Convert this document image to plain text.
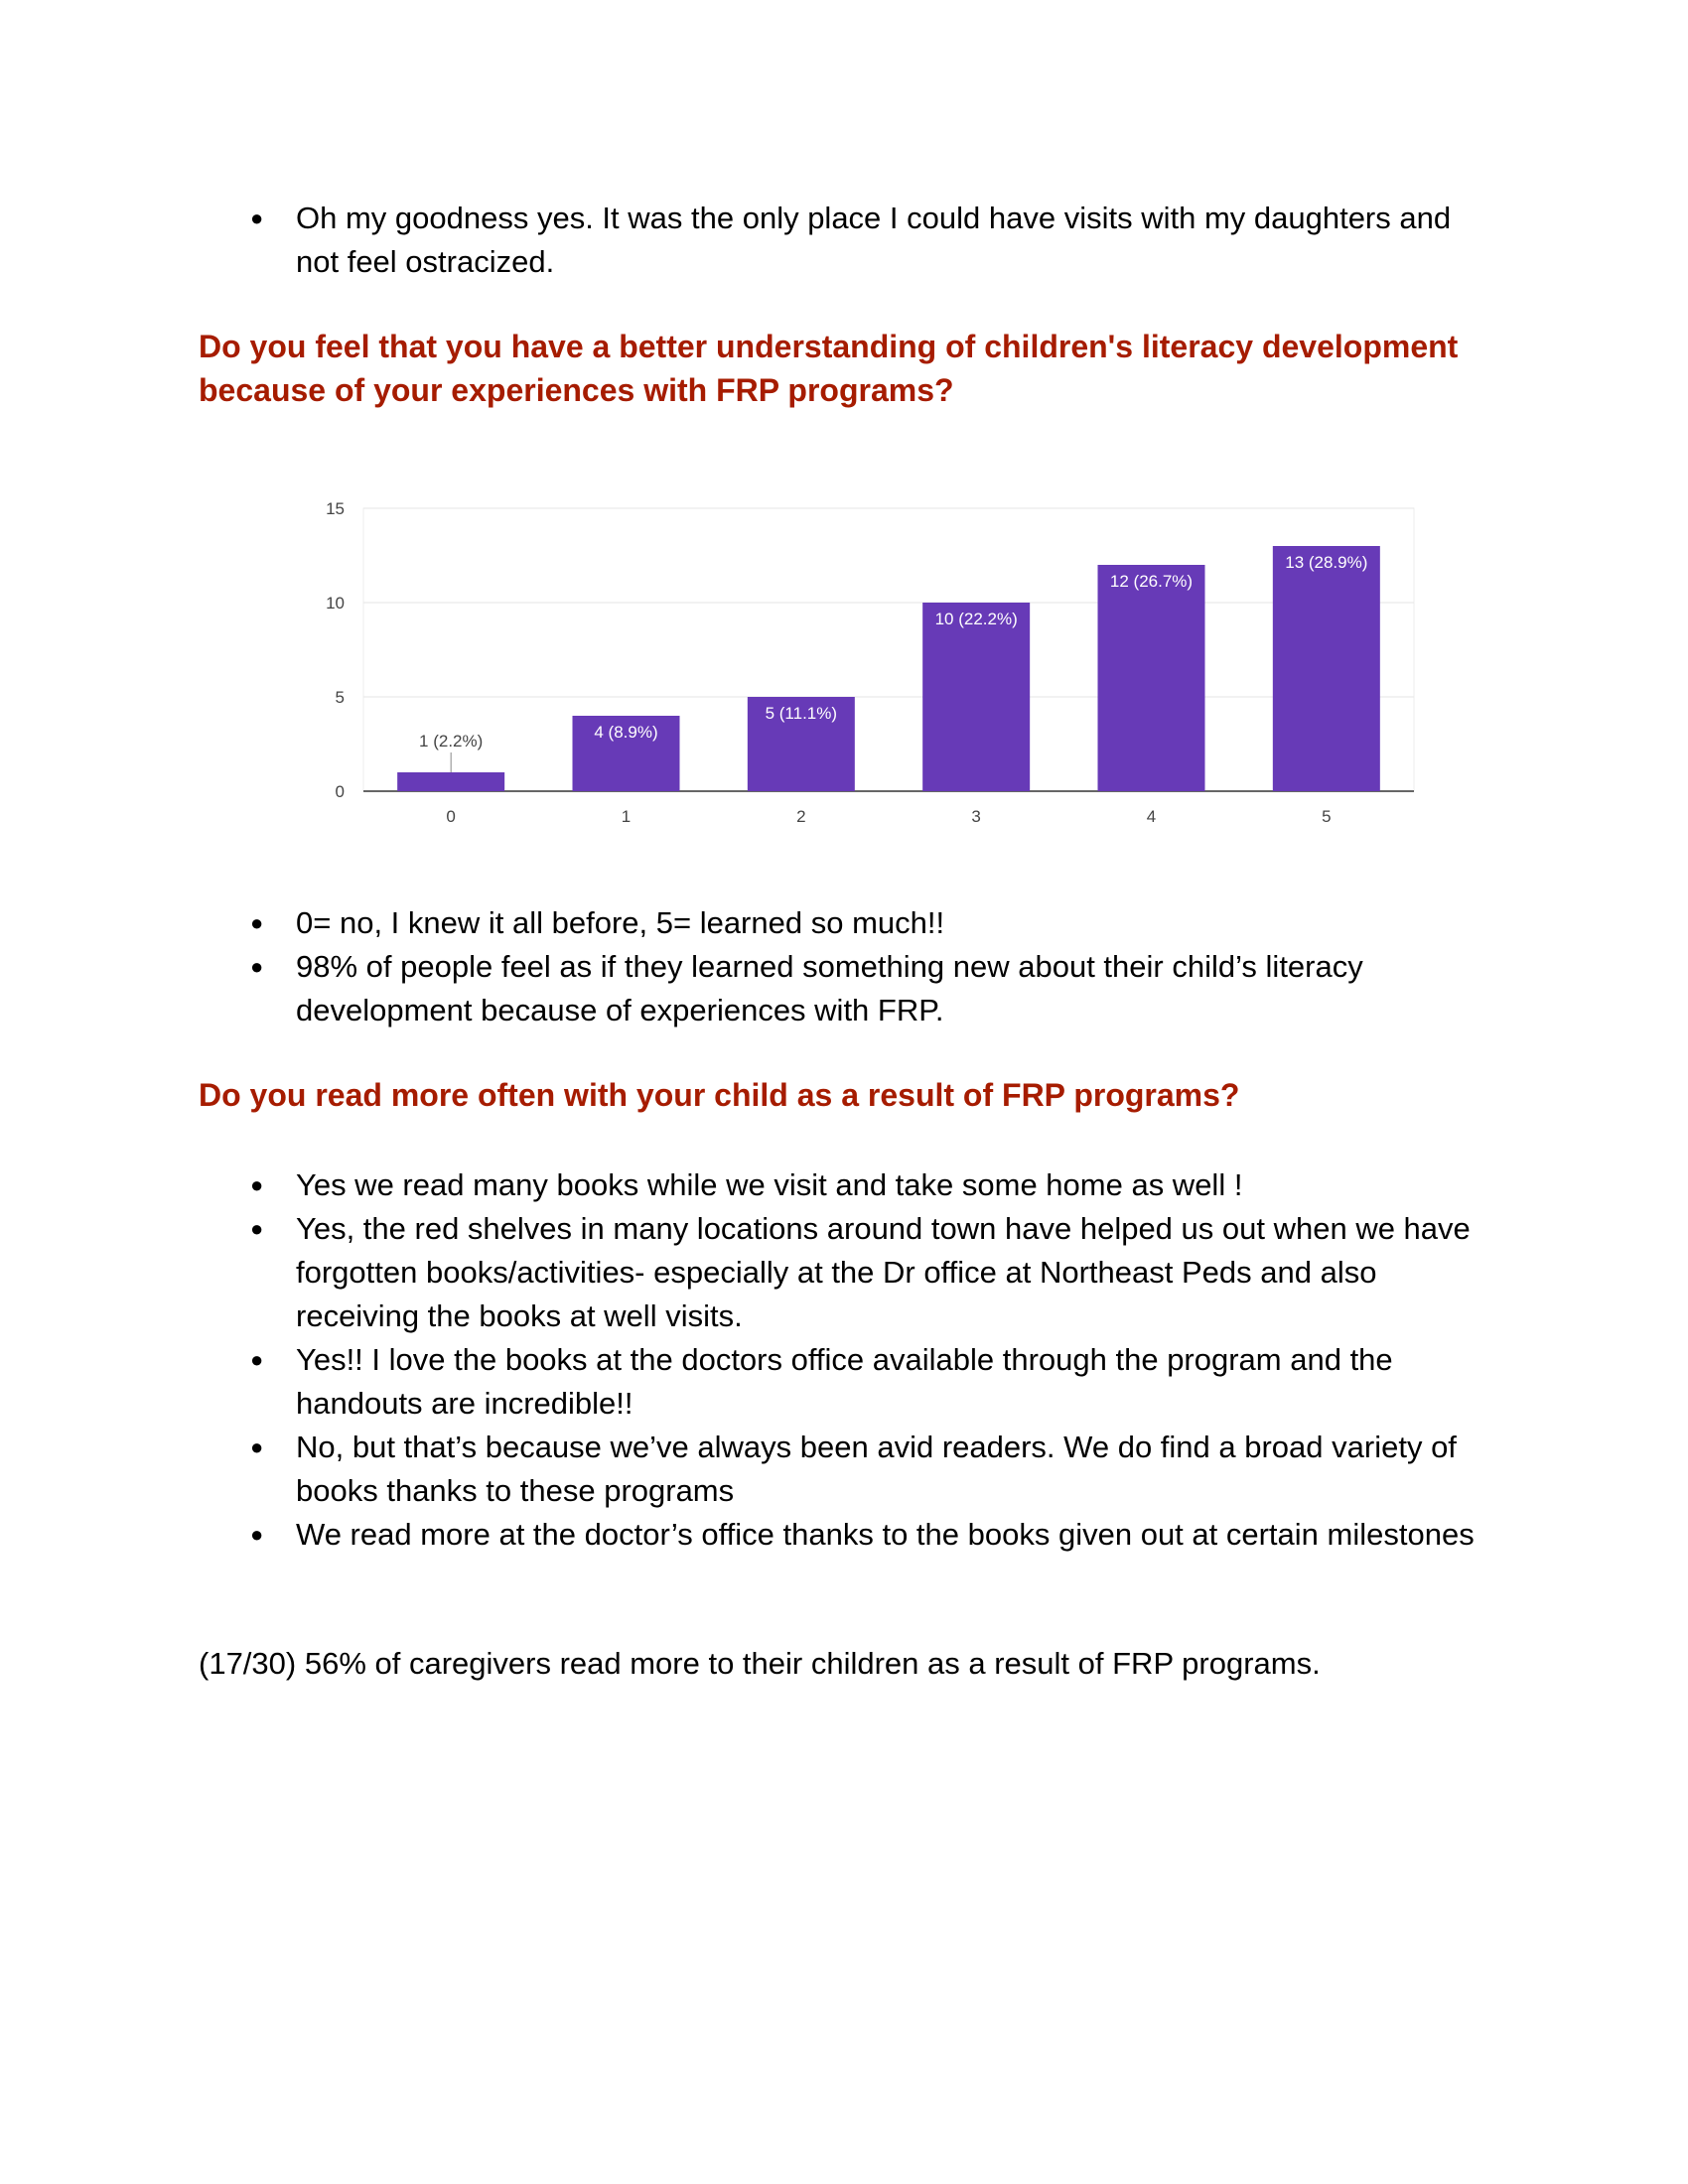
● Oh my goodness yes. It was the only place I could have visits with my daughters and not feel ostracized.
Do you feel that you have a better understanding of children's literacy development because of your experiences with FRP programs?
0
5
10
15
0
1 (2.2%)
1
4 (8.9%)
2
5 (11.1%)
3
10 (22.2%)
4
12 (26.7%)
5
13 (28.9%)
● 0= no, I knew it all before, 5= learned so much!!
● 98% of people feel as if they learned something new about their child’s literacy development because of experiences with FRP.
Do you read more often with your child as a result of FRP programs?
● Yes we read many books while we visit and take some home as well !
● Yes, the red shelves in many locations around town have helped us out when we have forgotten books/activities- especially at the Dr office at Northeast Peds and also receiving the books at well visits.
● Yes!! I love the books at the doctors office available through the program and the handouts are incredible!!
● No, but that’s because we’ve always been avid readers. We do find a broad variety of books thanks to these programs
● We read more at the doctor’s office thanks to the books given out at certain milestones

(17/30) 56% of caregivers read more to their children as a result of FRP programs.
